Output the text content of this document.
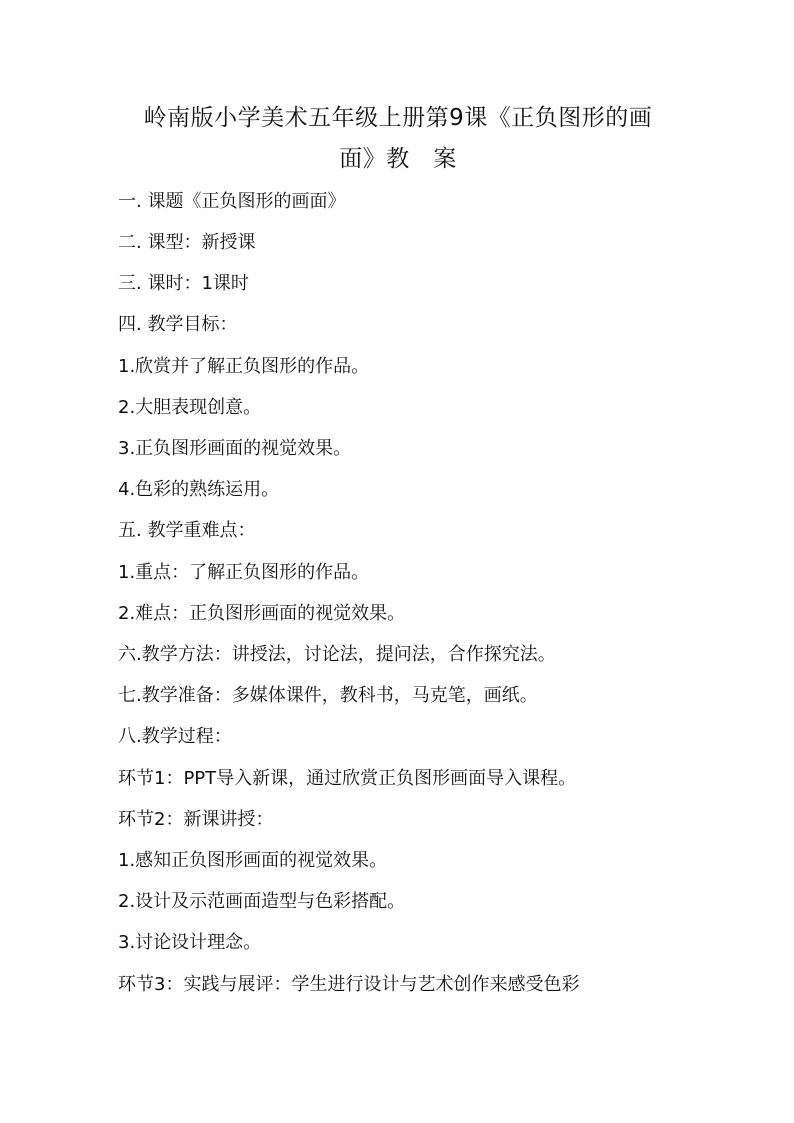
岭南版小学美术五年级上册第9课《正负图形的画
面》教　案
一. 课题《正负图形的画面》
二. 课型：新授课
三. 课时：1课时
四. 教学目标：
1.欣赏并了解正负图形的作品。
2.大胆表现创意。
3.正负图形画面的视觉效果。
4.色彩的熟练运用。
五. 教学重难点：
1.重点：了解正负图形的作品。
2.难点：正负图形画面的视觉效果。
六.教学方法：讲授法，讨论法，提问法，合作探究法。
七.教学准备：多媒体课件，教科书，马克笔，画纸。
八.教学过程：
环节1：PPT导入新课，通过欣赏正负图形画面导入课程。
环节2：新课讲授：
1.感知正负图形画面的视觉效果。
2.设计及示范画面造型与色彩搭配。
3.讨论设计理念。
环节3：实践与展评：学生进行设计与艺术创作来感受色彩
